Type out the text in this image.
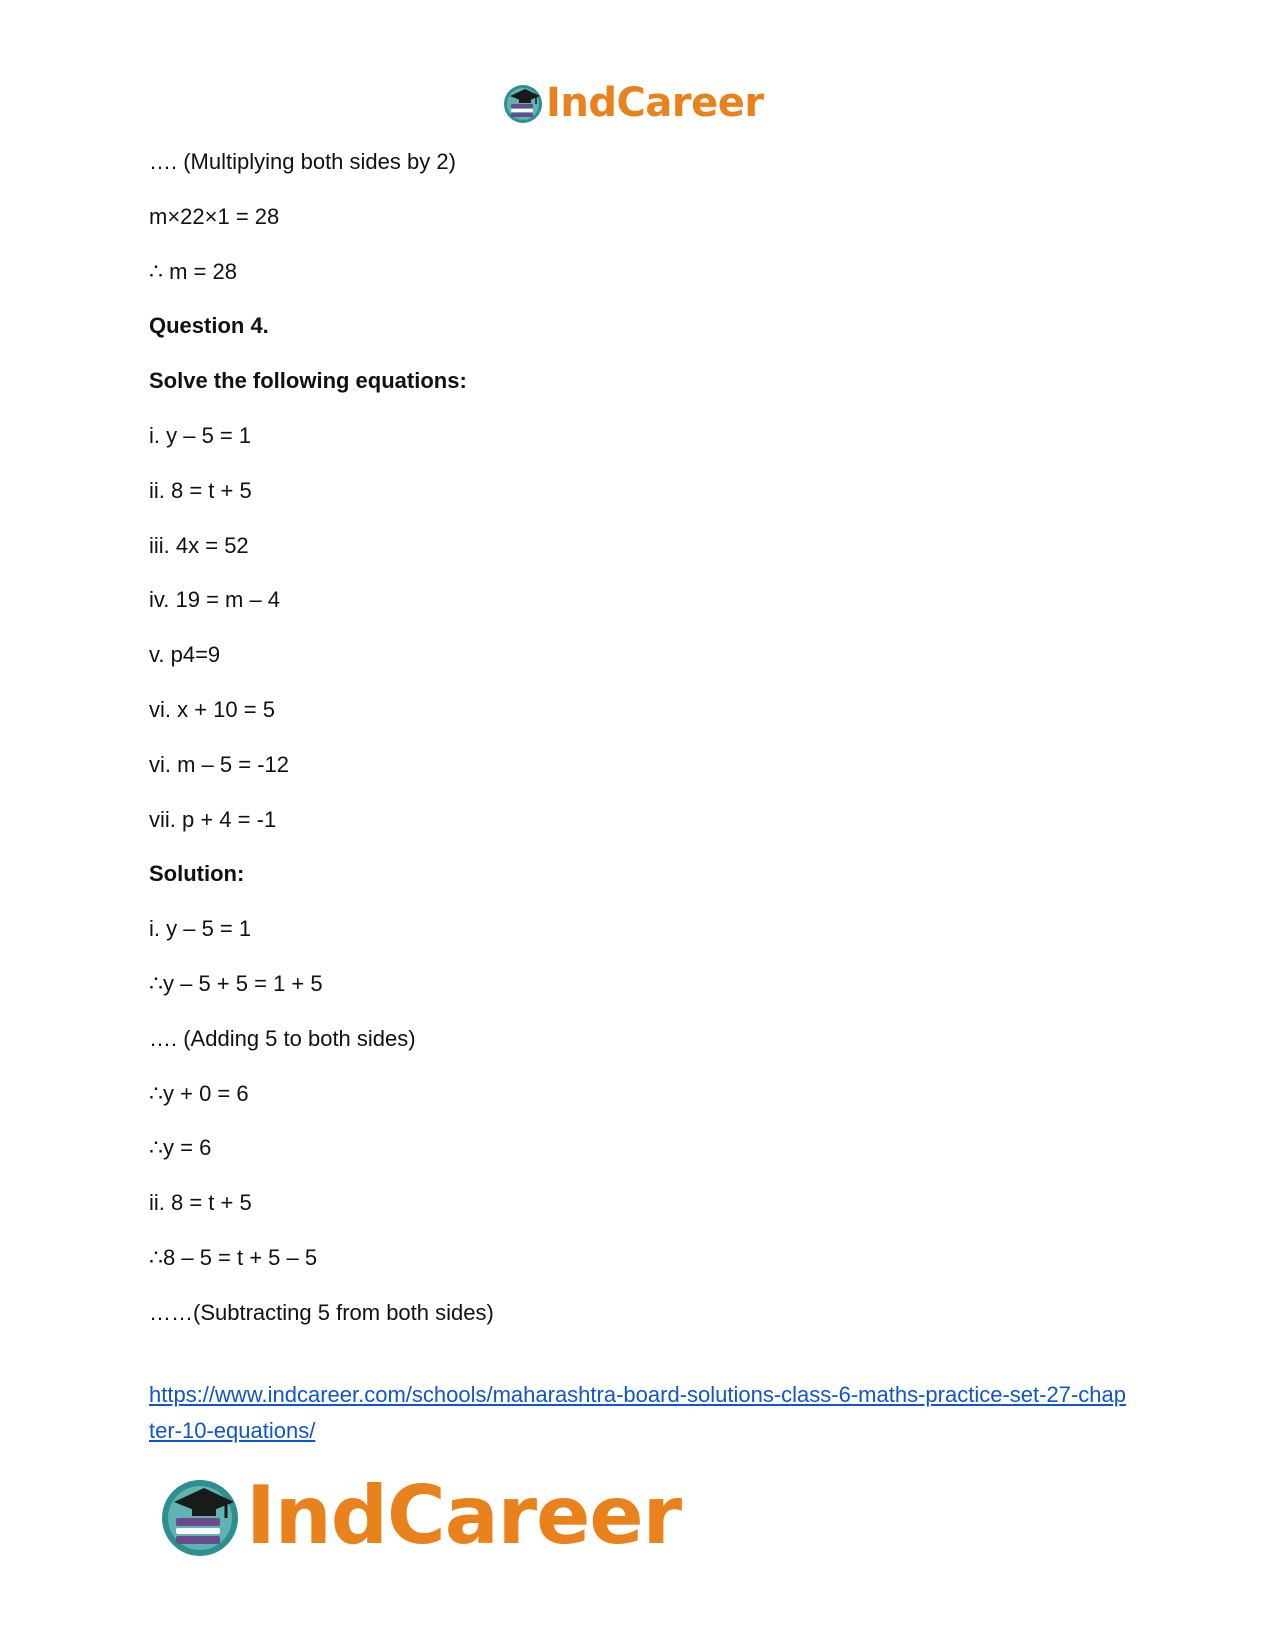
IndCareer
…. (Multiplying both sides by 2)
m×22×1 = 28
∴ m = 28
Question 4.
Solve the following equations:
i. y – 5 = 1
ii. 8 = t + 5
iii. 4x = 52
iv. 19 = m – 4
v. p4=9
vi. x + 10 = 5
vi. m – 5 = -12
vii. p + 4 = -1
Solution:
i. y – 5 = 1
∴y – 5 + 5 = 1 + 5
…. (Adding 5 to both sides)
∴y + 0 = 6
∴y = 6
ii. 8 = t + 5
∴8 – 5 = t + 5 – 5
……(Subtracting 5 from both sides)
https://www.indcareer.com/schools/maharashtra-board-solutions-class-6-maths-practice-set-27-chapter-10-equations/
IndCareer
